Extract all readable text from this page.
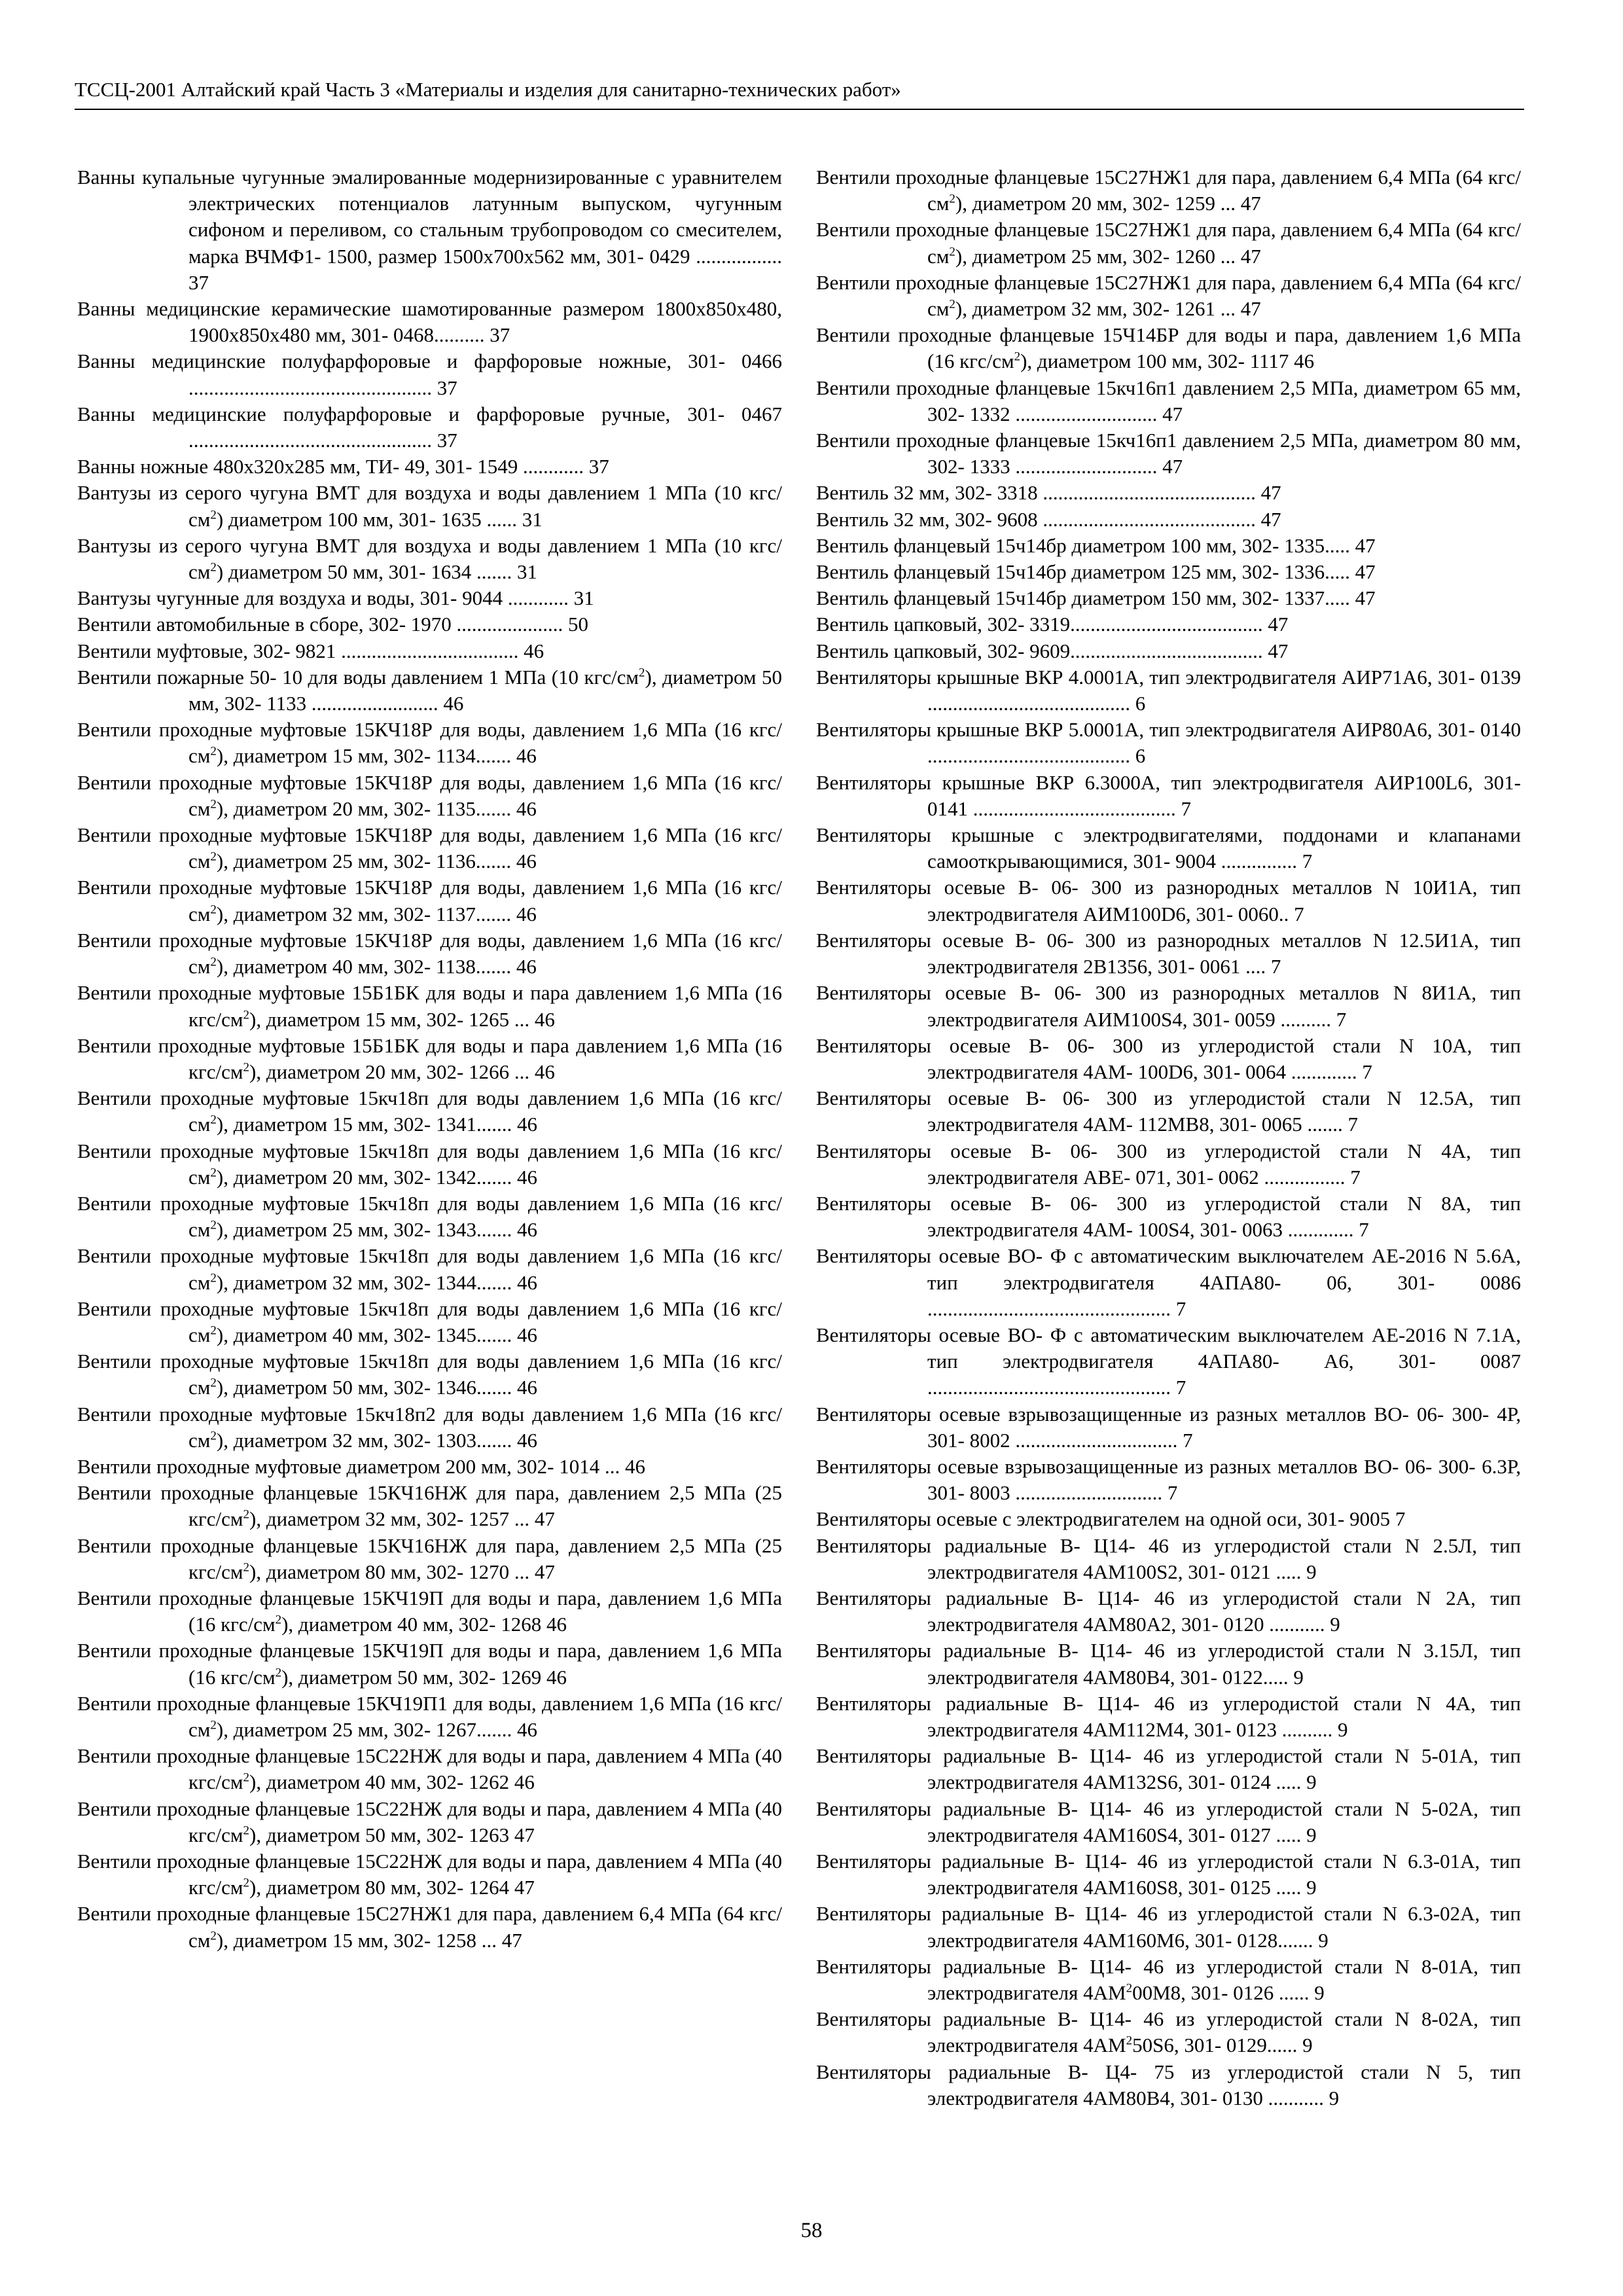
ТССЦ-2001 Алтайский край Часть 3 «Материалы и изделия для санитарно-технических работ»
Ванны купальные чугунные эмалированные модернизированные с уравнителем электрических потенциалов латунным выпуском, чугунным сифоном и переливом, со стальным трубопроводом со смесителем, марка ВЧМФ1- 1500, размер 1500х700х562 мм, 301- 0429 ................. 37
Ванны медицинские керамические шамотированные размером 1800х850х480, 1900х850х480 мм, 301- 0468.......... 37
Ванны медицинские полуфарфоровые и фарфоровые ножные, 301- 0466 ................................................ 37
Ванны медицинские полуфарфоровые и фарфоровые ручные, 301- 0467 ................................................ 37
Ванны ножные 480х320х285 мм, ТИ- 49, 301- 1549 ............ 37
Вантузы из серого чугуна ВМТ для воздуха и воды давлением 1 МПа (10 кгс/$см^2$) диаметром 100 мм, 301- 1635 ...... 31
Вантузы из серого чугуна ВМТ для воздуха и воды давлением 1 МПа (10 кгс/$см^2$) диаметром 50 мм, 301- 1634 ....... 31
Вантузы чугунные для воздуха и воды, 301- 9044 ............ 31
Вентили автомобильные в сборе, 302- 1970 ..................... 50
Вентили муфтовые, 302- 9821 ................................... 46
Вентили пожарные 50- 10 для воды давлением 1 МПа (10 кгс/$см^2$), диаметром 50 мм, 302- 1133 ......................... 46
Вентили проходные муфтовые 15КЧ18Р для воды, давлением 1,6 МПа (16 кгс/$см^2$), диаметром 15 мм, 302- 1134....... 46
Вентили проходные муфтовые 15КЧ18Р для воды, давлением 1,6 МПа (16 кгс/$см^2$), диаметром 20 мм, 302- 1135....... 46
Вентили проходные муфтовые 15КЧ18Р для воды, давлением 1,6 МПа (16 кгс/$см^2$), диаметром 25 мм, 302- 1136....... 46
Вентили проходные муфтовые 15КЧ18Р для воды, давлением 1,6 МПа (16 кгс/$см^2$), диаметром 32 мм, 302- 1137....... 46
Вентили проходные муфтовые 15КЧ18Р для воды, давлением 1,6 МПа (16 кгс/$см^2$), диаметром 40 мм, 302- 1138....... 46
Вентили проходные муфтовые 15Б1БК для воды и пара давлением 1,6 МПа (16 кгс/$см^2$), диаметром 15 мм, 302- 1265 ... 46
Вентили проходные муфтовые 15Б1БК для воды и пара давлением 1,6 МПа (16 кгс/$см^2$), диаметром 20 мм, 302- 1266 ... 46
Вентили проходные муфтовые 15кч18п для воды давлением 1,6 МПа (16 кгс/$см^2$), диаметром 15 мм, 302- 1341....... 46
Вентили проходные муфтовые 15кч18п для воды давлением 1,6 МПа (16 кгс/$см^2$), диаметром 20 мм, 302- 1342....... 46
Вентили проходные муфтовые 15кч18п для воды давлением 1,6 МПа (16 кгс/$см^2$), диаметром 25 мм, 302- 1343....... 46
Вентили проходные муфтовые 15кч18п для воды давлением 1,6 МПа (16 кгс/$см^2$), диаметром 32 мм, 302- 1344....... 46
Вентили проходные муфтовые 15кч18п для воды давлением 1,6 МПа (16 кгс/$см^2$), диаметром 40 мм, 302- 1345....... 46
Вентили проходные муфтовые 15кч18п для воды давлением 1,6 МПа (16 кгс/$см^2$), диаметром 50 мм, 302- 1346....... 46
Вентили проходные муфтовые 15кч18п2 для воды давлением 1,6 МПа (16 кгс/$см^2$), диаметром 32 мм, 302- 1303....... 46
Вентили проходные муфтовые диаметром 200 мм, 302- 1014 ... 46
Вентили проходные фланцевые 15КЧ16НЖ для пара, давлением 2,5 МПа (25 кгс/$см^2$), диаметром 32 мм, 302- 1257 ... 47
Вентили проходные фланцевые 15КЧ16НЖ для пара, давлением 2,5 МПа (25 кгс/$см^2$), диаметром 80 мм, 302- 1270 ... 47
Вентили проходные фланцевые 15КЧ19П для воды и пара, давлением 1,6 МПа (16 кгс/$см^2$), диаметром 40 мм, 302- 1268 46
Вентили проходные фланцевые 15КЧ19П для воды и пара, давлением 1,6 МПа (16 кгс/$см^2$), диаметром 50 мм, 302- 1269 46
Вентили проходные фланцевые 15КЧ19П1 для воды, давлением 1,6 МПа (16 кгс/$см^2$), диаметром 25 мм, 302- 1267....... 46
Вентили проходные фланцевые 15С22НЖ для воды и пара, давлением 4 МПа (40 кгс/$см^2$), диаметром 40 мм, 302- 1262 46
Вентили проходные фланцевые 15С22НЖ для воды и пара, давлением 4 МПа (40 кгс/$см^2$), диаметром 50 мм, 302- 1263 47
Вентили проходные фланцевые 15С22НЖ для воды и пара, давлением 4 МПа (40 кгс/$см^2$), диаметром 80 мм, 302- 1264 47
Вентили проходные фланцевые 15С27НЖ1 для пара, давлением 6,4 МПа (64 кгс/$см^2$), диаметром 15 мм, 302- 1258 ... 47
Вентили проходные фланцевые 15С27НЖ1 для пара, давлением 6,4 МПа (64 кгс/$см^2$), диаметром 20 мм, 302- 1259 ... 47
Вентили проходные фланцевые 15С27НЖ1 для пара, давлением 6,4 МПа (64 кгс/$см^2$), диаметром 25 мм, 302- 1260 ... 47
Вентили проходные фланцевые 15С27НЖ1 для пара, давлением 6,4 МПа (64 кгс/$см^2$), диаметром 32 мм, 302- 1261 ... 47
Вентили проходные фланцевые 15Ч14БР для воды и пара, давлением 1,6 МПа (16 кгс/$см^2$), диаметром 100 мм, 302- 1117 46
Вентили проходные фланцевые 15кч16п1 давлением 2,5 МПа, диаметром 65 мм, 302- 1332 ............................ 47
Вентили проходные фланцевые 15кч16п1 давлением 2,5 МПа, диаметром 80 мм, 302- 1333 ............................ 47
Вентиль 32 мм, 302- 3318 .......................................... 47
Вентиль 32 мм, 302- 9608 .......................................... 47
Вентиль фланцевый 15ч14бр диаметром 100 мм, 302- 1335..... 47
Вентиль фланцевый 15ч14бр диаметром 125 мм, 302- 1336..... 47
Вентиль фланцевый 15ч14бр диаметром 150 мм, 302- 1337..... 47
Вентиль цапковый, 302- 3319...................................... 47
Вентиль цапковый, 302- 9609...................................... 47
Вентиляторы крышные ВКР 4.0001А, тип электродвигателя АИР71А6, 301- 0139 ........................................ 6
Вентиляторы крышные ВКР 5.0001А, тип электродвигателя АИР80А6, 301- 0140 ........................................ 6
Вентиляторы крышные ВКР 6.3000А, тип электродвигателя АИР100L6, 301- 0141 ........................................ 7
Вентиляторы крышные с электродвигателями, поддонами и клапанами самооткрывающимися, 301- 9004 ............... 7
Вентиляторы осевые В- 06- 300 из разнородных металлов N 10И1А, тип электродвигателя АИМ100D6, 301- 0060.. 7
Вентиляторы осевые В- 06- 300 из разнородных металлов N 12.5И1А, тип электродвигателя 2В1356, 301- 0061 .... 7
Вентиляторы осевые В- 06- 300 из разнородных металлов N 8И1А, тип электродвигателя АИМ100S4, 301- 0059 .......... 7
Вентиляторы осевые В- 06- 300 из углеродистой стали N 10А, тип электродвигателя 4АМ- 100D6, 301- 0064 ............. 7
Вентиляторы осевые В- 06- 300 из углеродистой стали N 12.5А, тип электродвигателя 4АМ- 112МВ8, 301- 0065 ....... 7
Вентиляторы осевые В- 06- 300 из углеродистой стали N 4А, тип электродвигателя АВЕ- 071, 301- 0062 ................ 7
Вентиляторы осевые В- 06- 300 из углеродистой стали N 8А, тип электродвигателя 4АМ- 100S4, 301- 0063 ............. 7
Вентиляторы осевые ВО- Ф с автоматическим выключателем АЕ-2016 N 5.6А, тип электродвигателя 4АПА80- 06, 301- 0086 ................................................ 7
Вентиляторы осевые ВО- Ф с автоматическим выключателем АЕ-2016 N 7.1А, тип электродвигателя 4АПА80- А6, 301- 0087 ................................................ 7
Вентиляторы осевые взрывозащищенные из разных металлов ВО- 06- 300- 4Р, 301- 8002 ................................ 7
Вентиляторы осевые взрывозащищенные из разных металлов ВО- 06- 300- 6.3Р, 301- 8003 ............................. 7
Вентиляторы осевые с электродвигателем на одной оси, 301- 9005 7
Вентиляторы радиальные В- Ц14- 46 из углеродистой стали N 2.5Л, тип электродвигателя 4АМ100S2, 301- 0121 ..... 9
Вентиляторы радиальные В- Ц14- 46 из углеродистой стали N 2А, тип электродвигателя 4АМ80А2, 301- 0120 ........... 9
Вентиляторы радиальные В- Ц14- 46 из углеродистой стали N 3.15Л, тип электродвигателя 4АМ80В4, 301- 0122..... 9
Вентиляторы радиальные В- Ц14- 46 из углеродистой стали N 4А, тип электродвигателя 4АМ112М4, 301- 0123 .......... 9
Вентиляторы радиальные В- Ц14- 46 из углеродистой стали N 5-01А, тип электродвигателя 4АМ132S6, 301- 0124 ..... 9
Вентиляторы радиальные В- Ц14- 46 из углеродистой стали N 5-02А, тип электродвигателя 4АМ160S4, 301- 0127 ..... 9
Вентиляторы радиальные В- Ц14- 46 из углеродистой стали N 6.3-01А, тип электродвигателя 4АМ160S8, 301- 0125 ..... 9
Вентиляторы радиальные В- Ц14- 46 из углеродистой стали N 6.3-02А, тип электродвигателя 4АМ160М6, 301- 0128....... 9
Вентиляторы радиальные В- Ц14- 46 из углеродистой стали N 8-01А, тип электродвигателя $4АМ^200М8$, 301- 0126 ...... 9
Вентиляторы радиальные В- Ц14- 46 из углеродистой стали N 8-02А, тип электродвигателя $4АМ^250S6$, 301- 0129...... 9
Вентиляторы радиальные В- Ц4- 75 из углеродистой стали N 5, тип электродвигателя 4АМ80В4, 301- 0130 ........... 9
58
